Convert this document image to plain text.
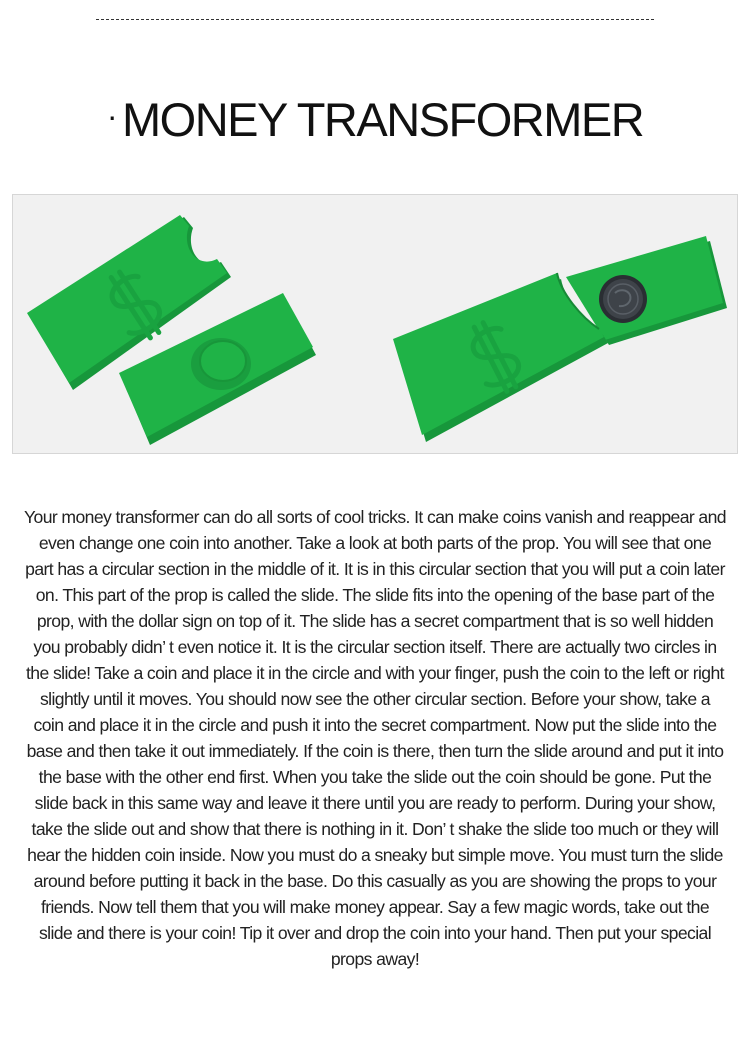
· MONEY TRANSFORMER

Your money transformer can do all sorts of cool tricks. It can make coins vanish and reappear and even change one coin into another. Take a look at both parts of the prop. You will see that one part has a circular section in the middle of it. It is in this circular section that you will put a coin later on. This part of the prop is called the slide. The slide fits into the opening of the base part of the prop, with the dollar sign on top of it. The slide has a secret compartment that is so well hidden you probably didn’ t even notice it. It is the circular section itself. There are actually two circles in the slide! Take a coin and place it in the circle and with your finger, push the coin to the left or right slightly until it moves. You should now see the other circular section. Before your show, take a coin and place it in the circle and push it into the secret compartment. Now put the slide into the base and then take it out immediately. If the coin is there, then turn the slide around and put it into the base with the other end first. When you take the slide out the coin should be gone. Put the slide back in this same way and leave it there until you are ready to perform. During your show, take the slide out and show that there is nothing in it. Don’ t shake the slide too much or they will hear the hidden coin inside. Now you must do a sneaky but simple move. You must turn the slide around before putting it back in the base. Do this casually as you are showing the props to your friends. Now tell them that you will make money appear. Say a few magic words, take out the slide and there is your coin! Tip it over and drop the coin into your hand. Then put your special props away!
